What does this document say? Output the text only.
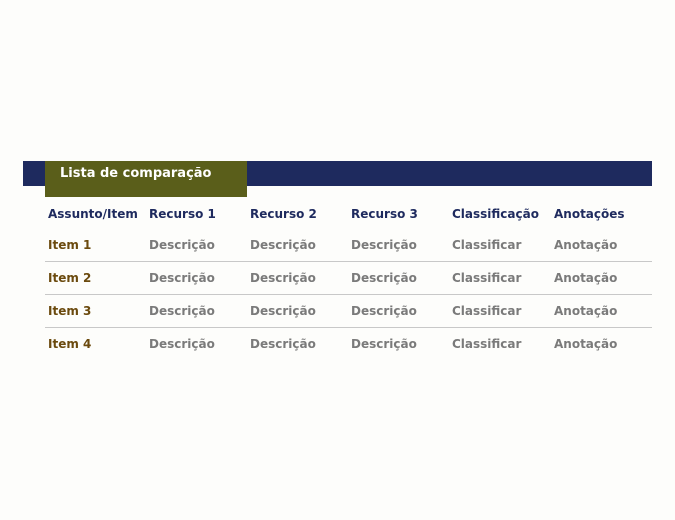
Lista de comparação
Assunto/Item	Recurso 1	Recurso 2	Recurso 3	Classificação	Anotações
Item 1	Descrição	Descrição	Descrição	Classificar	Anotação
Item 2	Descrição	Descrição	Descrição	Classificar	Anotação
Item 3	Descrição	Descrição	Descrição	Classificar	Anotação
Item 4	Descrição	Descrição	Descrição	Classificar	Anotação
